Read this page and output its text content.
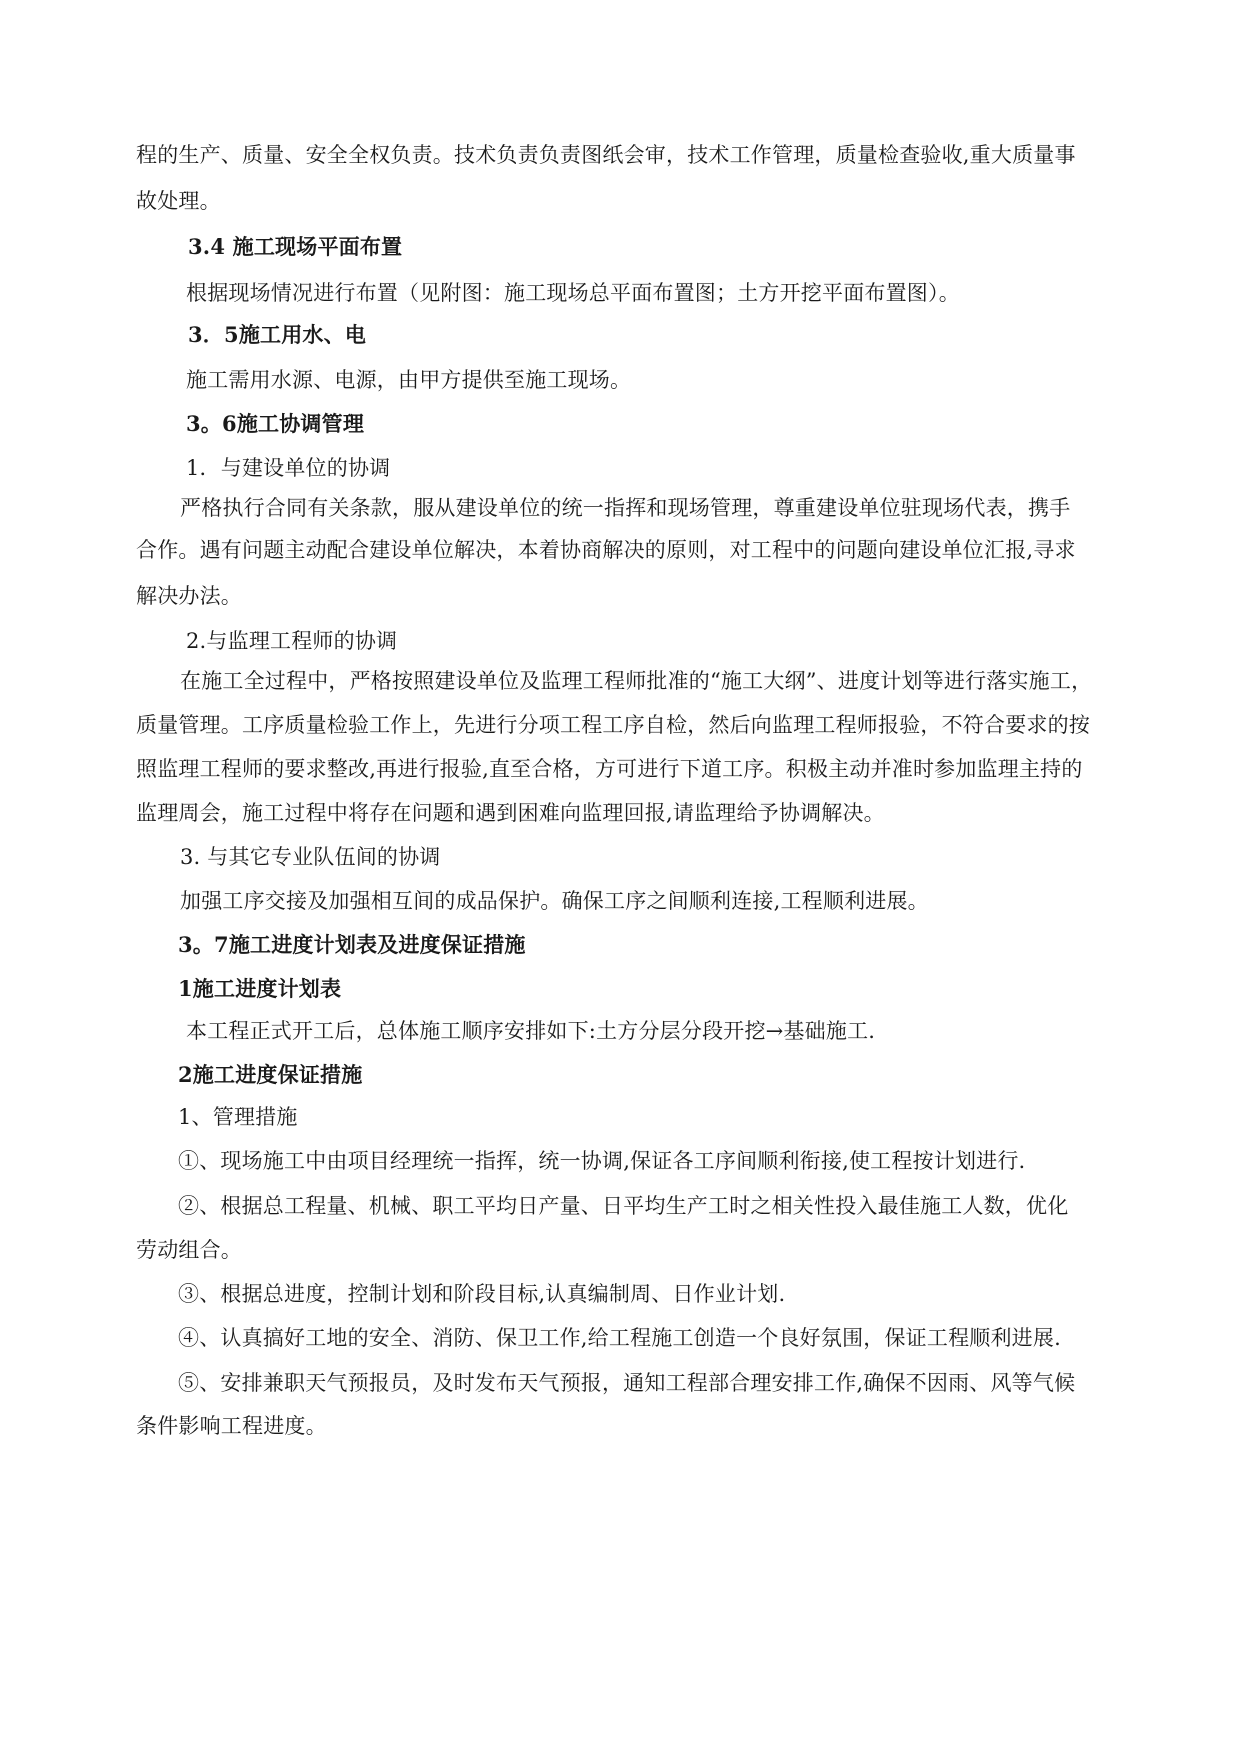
程的生产、质量、安全全权负责。技术负责负责图纸会审，技术工作管理，质量检查验收,重大质量事
故处理。
3.4 施工现场平面布置
根据现场情况进行布置（见附图：施工现场总平面布置图；土方开挖平面布置图）。
3．5施工用水、电
施工需用水源、电源，由甲方提供至施工现场。
3。6施工协调管理
1．与建设单位的协调
严格执行合同有关条款，服从建设单位的统一指挥和现场管理，尊重建设单位驻现场代表，携手
合作。遇有问题主动配合建设单位解决，本着协商解决的原则，对工程中的问题向建设单位汇报,寻求
解决办法。
2.与监理工程师的协调
在施工全过程中，严格按照建设单位及监理工程师批准的“施工大纲”、进度计划等进行落实施工，
质量管理。工序质量检验工作上，先进行分项工程工序自检，然后向监理工程师报验，不符合要求的按
照监理工程师的要求整改,再进行报验,直至合格，方可进行下道工序。积极主动并准时参加监理主持的
监理周会，施工过程中将存在问题和遇到困难向监理回报,请监理给予协调解决。
3. 与其它专业队伍间的协调
加强工序交接及加强相互间的成品保护。确保工序之间顺利连接,工程顺利进展。
3。7施工进度计划表及进度保证措施
1施工进度计划表
本工程正式开工后，总体施工顺序安排如下:土方分层分段开挖→基础施工.
2施工进度保证措施
1、管理措施
①、现场施工中由项目经理统一指挥，统一协调,保证各工序间顺利衔接,使工程按计划进行.
②、根据总工程量、机械、职工平均日产量、日平均生产工时之相关性投入最佳施工人数，优化
劳动组合。
③、根据总进度，控制计划和阶段目标,认真编制周、日作业计划.
④、认真搞好工地的安全、消防、保卫工作,给工程施工创造一个良好氛围，保证工程顺利进展.
⑤、安排兼职天气预报员，及时发布天气预报，通知工程部合理安排工作,确保不因雨、风等气候
条件影响工程进度。
